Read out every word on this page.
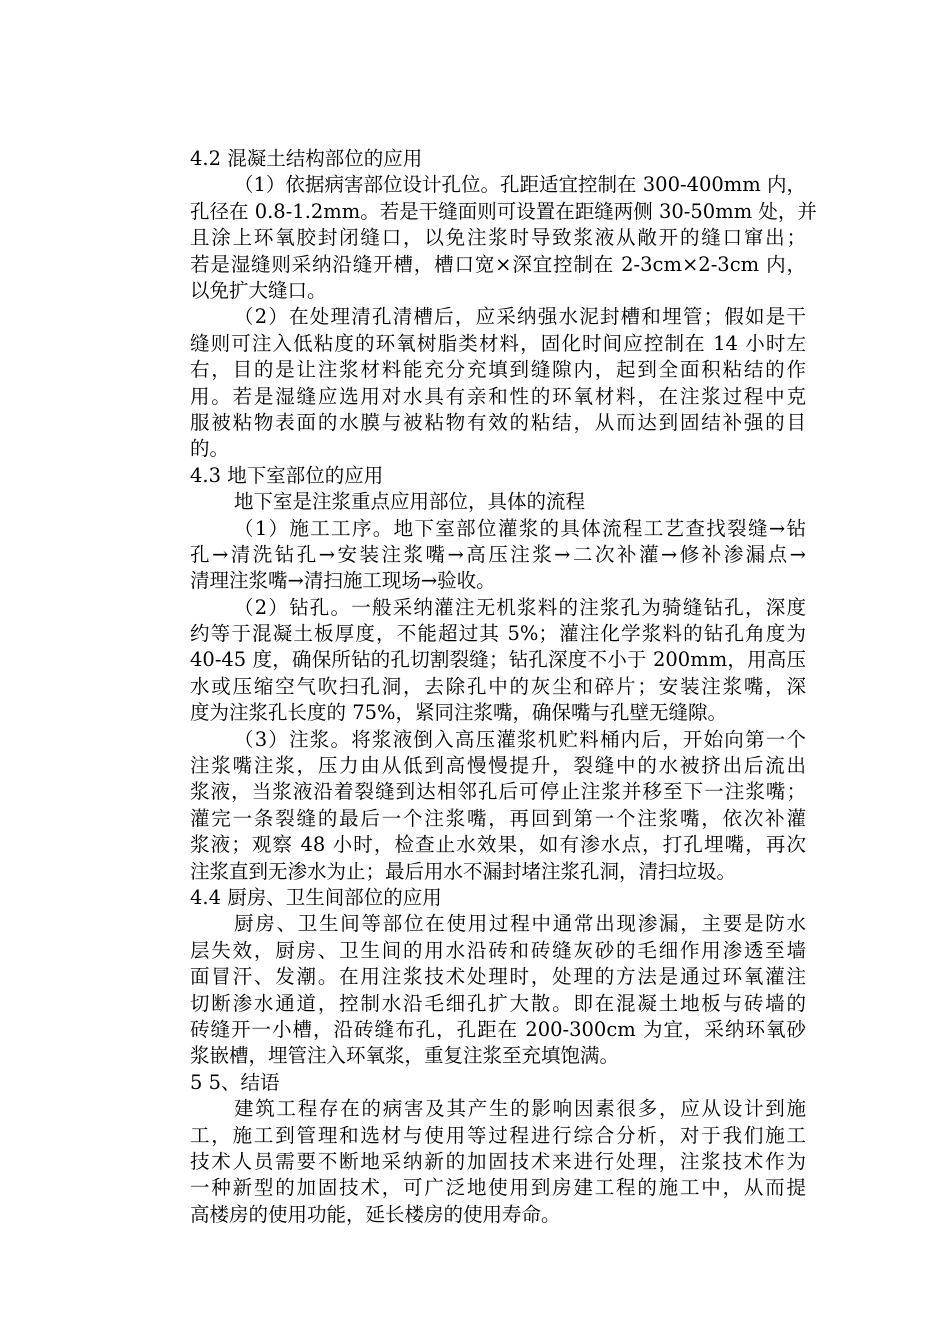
4.2 混凝土结构部位的应用

（1）依据病害部位设计孔位。孔距适宜控制在 300-400mm 内，
孔径在 0.8-1.2mm。若是干缝面则可设置在距缝两侧 30-50mm 处，并
且涂上环氧胶封闭缝口，以免注浆时导致浆液从敞开的缝口窜出；
若是湿缝则采纳沿缝开槽，槽口宽×深宜控制在 2-3cm×2-3cm 内，
以免扩大缝口。
（2）在处理清孔清槽后，应采纳强水泥封槽和埋管；假如是干
缝则可注入低粘度的环氧树脂类材料，固化时间应控制在 14 小时左
右，目的是让注浆材料能充分充填到缝隙内，起到全面积粘结的作
用。若是湿缝应选用对水具有亲和性的环氧材料，在注浆过程中克
服被粘物表面的水膜与被粘物有效的粘结，从而达到固结补强的目
的。

4.3 地下室部位的应用

地下室是注浆重点应用部位，具体的流程
（1）施工工序。地下室部位灌浆的具体流程工艺查找裂缝→钻
孔→清洗钻孔→安装注浆嘴→高压注浆→二次补灌→修补渗漏点→
清理注浆嘴→清扫施工现场→验收。
（2）钻孔。一般采纳灌注无机浆料的注浆孔为骑缝钻孔，深度
约等于混凝土板厚度，不能超过其 5%；灌注化学浆料的钻孔角度为
40-45 度，确保所钻的孔切割裂缝；钻孔深度不小于 200mm，用高压
水或压缩空气吹扫孔洞，去除孔中的灰尘和碎片；安装注浆嘴，深
度为注浆孔长度的 75%，紧同注浆嘴，确保嘴与孔壁无缝隙。
（3）注浆。将浆液倒入高压灌浆机贮料桶内后，开始向第一个
注浆嘴注浆，压力由从低到高慢慢提升，裂缝中的水被挤出后流出
浆液，当浆液沿着裂缝到达相邻孔后可停止注浆并移至下一注浆嘴；
灌完一条裂缝的最后一个注浆嘴，再回到第一个注浆嘴，依次补灌
浆液；观察 48 小时，检查止水效果，如有渗水点，打孔埋嘴，再次
注浆直到无渗水为止；最后用水不漏封堵注浆孔洞，清扫垃圾。

4.4 厨房、卫生间部位的应用

厨房、卫生间等部位在使用过程中通常出现渗漏，主要是防水
层失效，厨房、卫生间的用水沿砖和砖缝灰砂的毛细作用渗透至墙
面冒汗、发潮。在用注浆技术处理时，处理的方法是通过环氧灌注
切断渗水通道，控制水沿毛细孔扩大散。即在混凝土地板与砖墙的
砖缝开一小槽，沿砖缝布孔，孔距在 200-300cm 为宜，采纳环氧砂
浆嵌槽，埋管注入环氧浆，重复注浆至充填饱满。

5 5、结语

建筑工程存在的病害及其产生的影响因素很多，应从设计到施
工，施工到管理和选材与使用等过程进行综合分析，对于我们施工
技术人员需要不断地采纳新的加固技术来进行处理，注浆技术作为
一种新型的加固技术，可广泛地使用到房建工程的施工中，从而提
高楼房的使用功能，延长楼房的使用寿命。
